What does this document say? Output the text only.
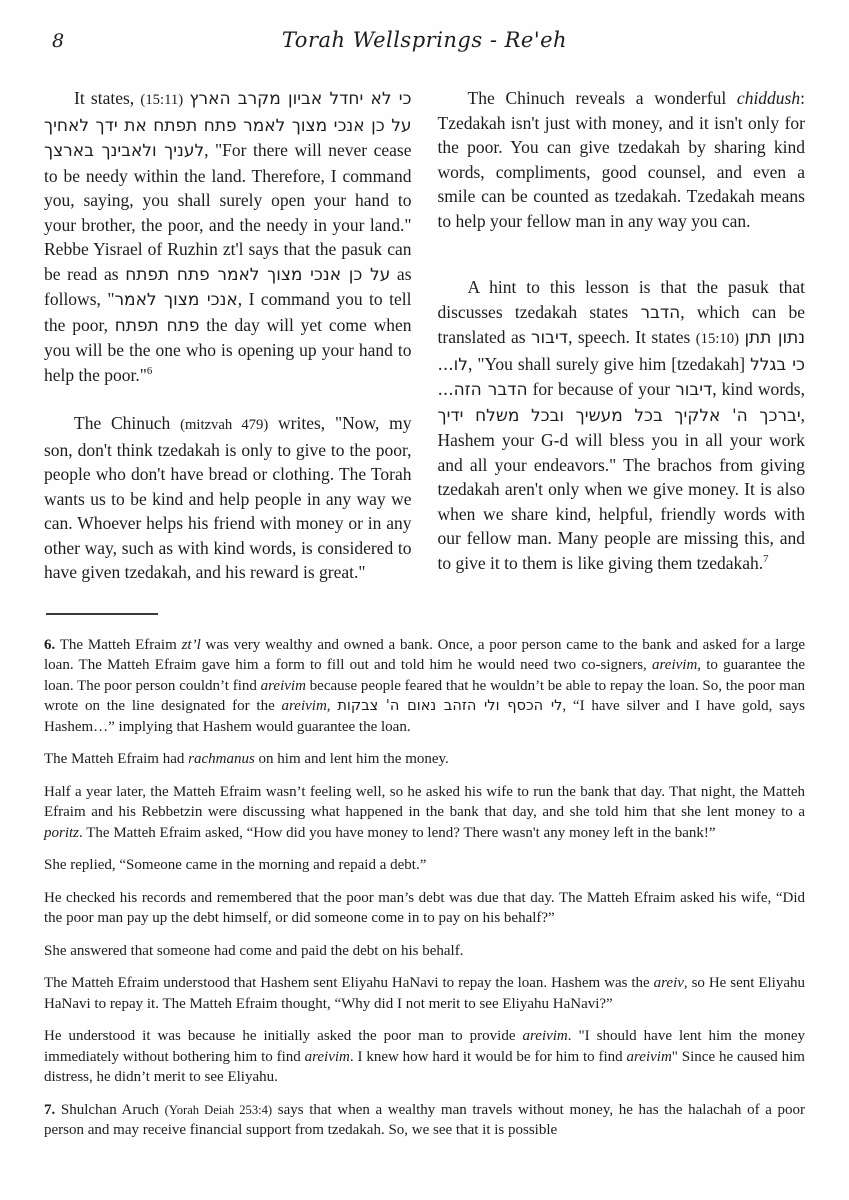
8	Torah Wellsprings - Re'eh

It states, (15:11) כי לא יחדל אביון מקרב הארץ על כן אנכי מצוך לאמר פתח תפתח את ידך לאחיך לעניך ולאבינך בארצך, "For there will never cease to be needy within the land. Therefore, I command you, saying, you shall surely open your hand to your brother, the poor, and the needy in your land." Rebbe Yisrael of Ruzhin zt'l says that the pasuk can be read as על כן אנכי מצוך לאמר פתח תפתח as follows, "אנכי מצוך לאמר, I command you to tell the poor, פתח תפתח the day will yet come when you will be the one who is opening up your hand to help the poor."$^6$

The Chinuch (mitzvah 479) writes, "Now, my son, don't think tzedakah is only to give to the poor, people who don't have bread or clothing. The Torah wants us to be kind and help people in any way we can. Whoever helps his friend with money or in any other way, such as with kind words, is considered to have given tzedakah, and his reward is great."

The Chinuch reveals a wonderful chiddush: Tzedakah isn't just with money, and it isn't only for the poor. You can give tzedakah by sharing kind words, compliments, good counsel, and even a smile can be counted as tzedakah. Tzedakah means to help your fellow man in any way you can.

A hint to this lesson is that the pasuk that discusses tzedakah states הדבר, which can be translated as דיבור, speech. It states (15:10) נתון תתן לו..., "You shall surely give him [tzedakah] כי בגלל הדבר הזה... for because of your דיבור, kind words, יברכך ה' אלקיך בכל מעשיך ובכל משלח ידיך, Hashem your G-d will bless you in all your work and all your endeavors." The brachos from giving tzedakah aren't only when we give money. It is also when we share kind, helpful, friendly words with our fellow man. Many people are missing this, and to give it to them is like giving them tzedakah.$^7$

6. The Matteh Efraim zt’l was very wealthy and owned a bank. Once, a poor person came to the bank and asked for a large loan. The Matteh Efraim gave him a form to fill out and told him he would need two co-signers, areivim, to guarantee the loan. The poor person couldn’t find areivim because people feared that he wouldn’t be able to repay the loan. So, the poor man wrote on the line designated for the areivim, לי הכסף ולי הזהב נאום ה' צבקות, “I have silver and I have gold, says Hashem…” implying that Hashem would guarantee the loan.

The Matteh Efraim had rachmanus on him and lent him the money.

Half a year later, the Matteh Efraim wasn’t feeling well, so he asked his wife to run the bank that day. That night, the Matteh Efraim and his Rebbetzin were discussing what happened in the bank that day, and she told him that she lent money to a poritz. The Matteh Efraim asked, “How did you have money to lend? There wasn't any money left in the bank!”

She replied, “Someone came in the morning and repaid a debt.”

He checked his records and remembered that the poor man’s debt was due that day. The Matteh Efraim asked his wife, “Did the poor man pay up the debt himself, or did someone come in to pay on his behalf?”

She answered that someone had come and paid the debt on his behalf.

The Matteh Efraim understood that Hashem sent Eliyahu HaNavi to repay the loan. Hashem was the areiv, so He sent Eliyahu HaNavi to repay it. The Matteh Efraim thought, “Why did I not merit to see Eliyahu HaNavi?”

He understood it was because he initially asked the poor man to provide areivim. "I should have lent him the money immediately without bothering him to find areivim. I knew how hard it would be for him to find areivim" Since he caused him distress, he didn’t merit to see Eliyahu.

7. Shulchan Aruch (Yorah Deiah 253:4) says that when a wealthy man travels without money, he has the halachah of a poor person and may receive financial support from tzedakah. So, we see that it is possible
